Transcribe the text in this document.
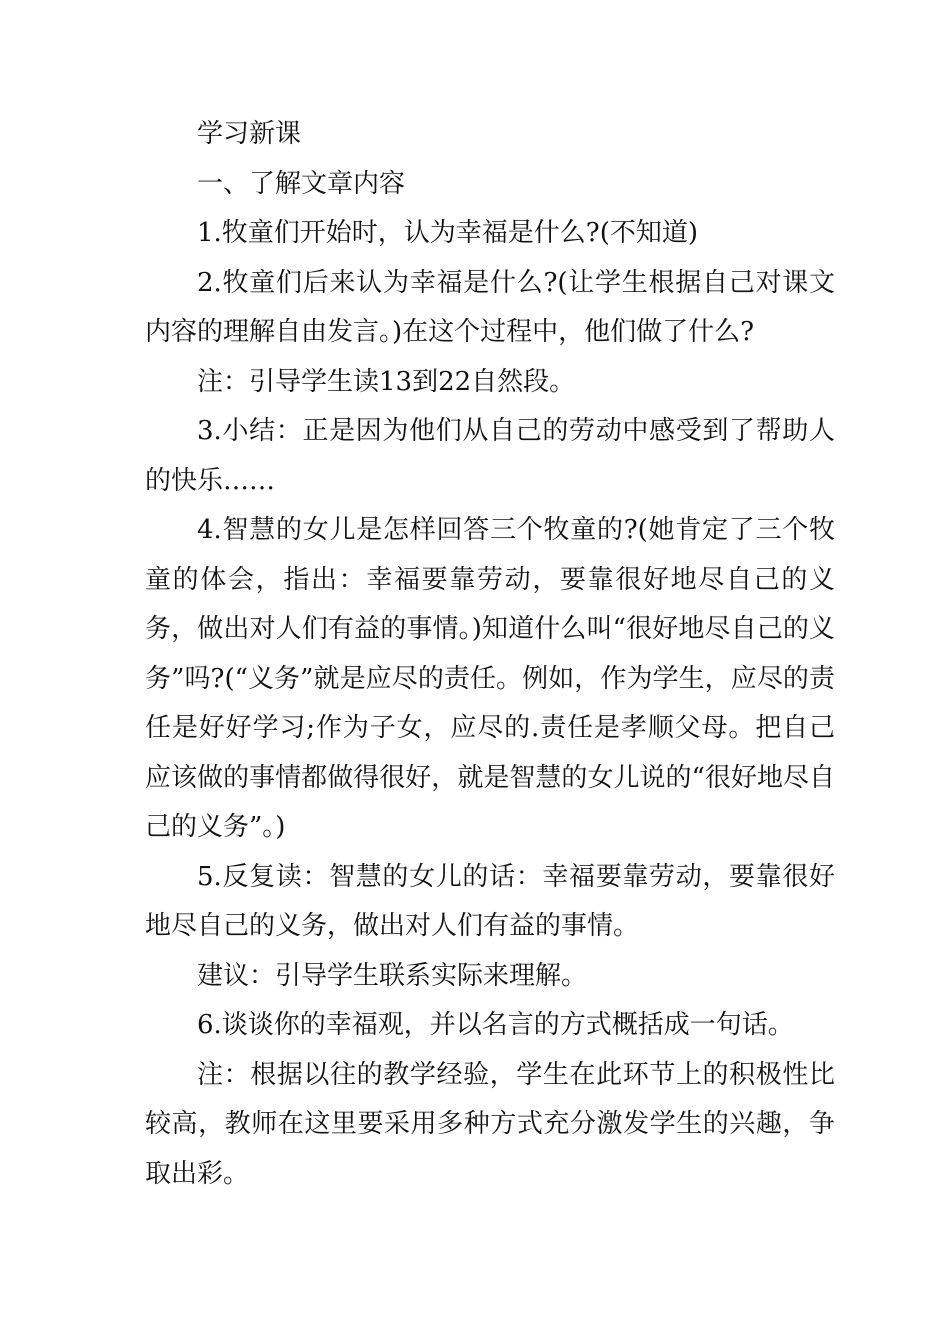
学习新课

一、了解文章内容

1.牧童们开始时，认为幸福是什么?(不知道)

2.牧童们后来认为幸福是什么?(让学生根据自己对课文内容的理解自由发言。)在这个过程中，他们做了什么?

注：引导学生读13到22自然段。

3.小结：正是因为他们从自己的劳动中感受到了帮助人的快乐……

4.智慧的女儿是怎样回答三个牧童的?(她肯定了三个牧童的体会，指出：幸福要靠劳动，要靠很好地尽自己的义务，做出对人们有益的事情。)知道什么叫“很好地尽自己的义务”吗?(“义务”就是应尽的责任。例如，作为学生，应尽的责任是好好学习;作为子女，应尽的.责任是孝顺父母。把自己应该做的事情都做得很好，就是智慧的女儿说的“很好地尽自己的义务”。)

5.反复读：智慧的女儿的话：幸福要靠劳动，要靠很好地尽自己的义务，做出对人们有益的事情。

建议：引导学生联系实际来理解。

6.谈谈你的幸福观，并以名言的方式概括成一句话。

注：根据以往的教学经验，学生在此环节上的积极性比较高，教师在这里要采用多种方式充分激发学生的兴趣，争取出彩。
